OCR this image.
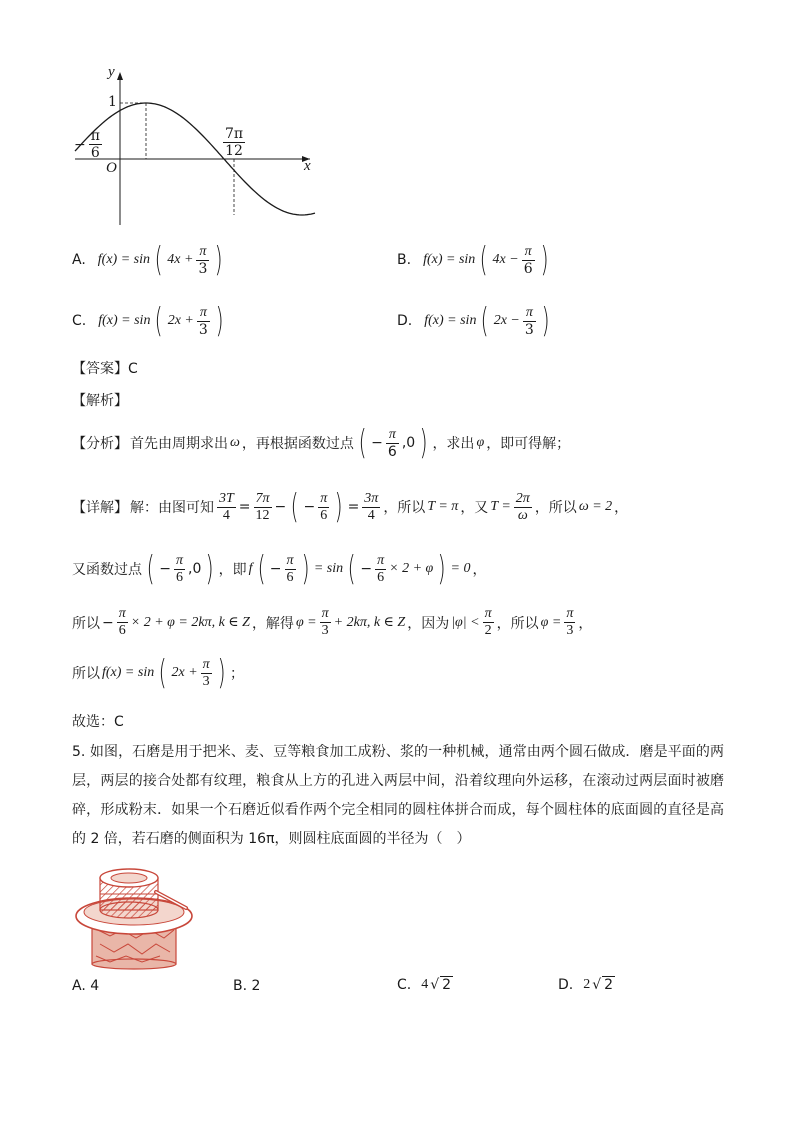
y
x
O
1
− $\frac{\pi}{6}$	$\frac{7\pi}{12}$
A. f(x) = sin ( $4x + \frac{\pi}{3}$ )	B. f(x) = sin ( $4x - \frac{\pi}{6}$ )
C. f(x) = sin ( $2x + \frac{\pi}{3}$ )	D. f(x) = sin ( $2x - \frac{\pi}{3}$ )
【答案】C
【解析】
【分析】 首先由周期求出 ω ，再根据函数过点 ( − $\frac{\pi}{6} ,0$ ) ，求出 φ ，即可得解；
【详解】 解：由图可知 $\frac{3T}{4} = \frac{7\pi}{12}$ − ( − $\frac{\pi}{6}$ ) = $\frac{3\pi}{4}$ ，所以 T = π ，又 $T = \frac{2\pi}{\omega}$ ，所以 ω = 2 ，
又函数过点 ( − $\frac{\pi}{6} ,0$ ) ，即 f ( − $\frac{\pi}{6}$ ) = sin ( − $\frac{\pi}{6} \times 2 + \varphi$ ) = 0 ，
所以 − $\frac{\pi}{6} \times 2 + \varphi = 2k\pi$, k ∈ Z ，解得 $\varphi = \frac{\pi}{3} + 2k\pi$, k ∈ Z ，因为 $|\varphi| < \frac{\pi}{2}$ ，所以 $\varphi = \frac{\pi}{3}$ ，
所以 f(x) = sin ( $2x + \frac{\pi}{3}$ ) ；
故选：C
5. 如图，石磨是用于把米、麦、豆等粮食加工成粉、浆的一种机械，通常由两个圆石做成．磨是平面的两层，两层的接合处都有纹理，粮食从上方的孔进入两层中间，沿着纹理向外运移，在滚动过两层面时被磨碎，形成粉末．如果一个石磨近似看作两个完全相同的圆柱体拼合而成，每个圆柱体的底面圆的直径是高的 2 倍，若石磨的侧面积为 16π，则圆柱底面圆的半径为（　）
A. 4	B. 2	C. 4 √ 2	D. 2 √ 2
